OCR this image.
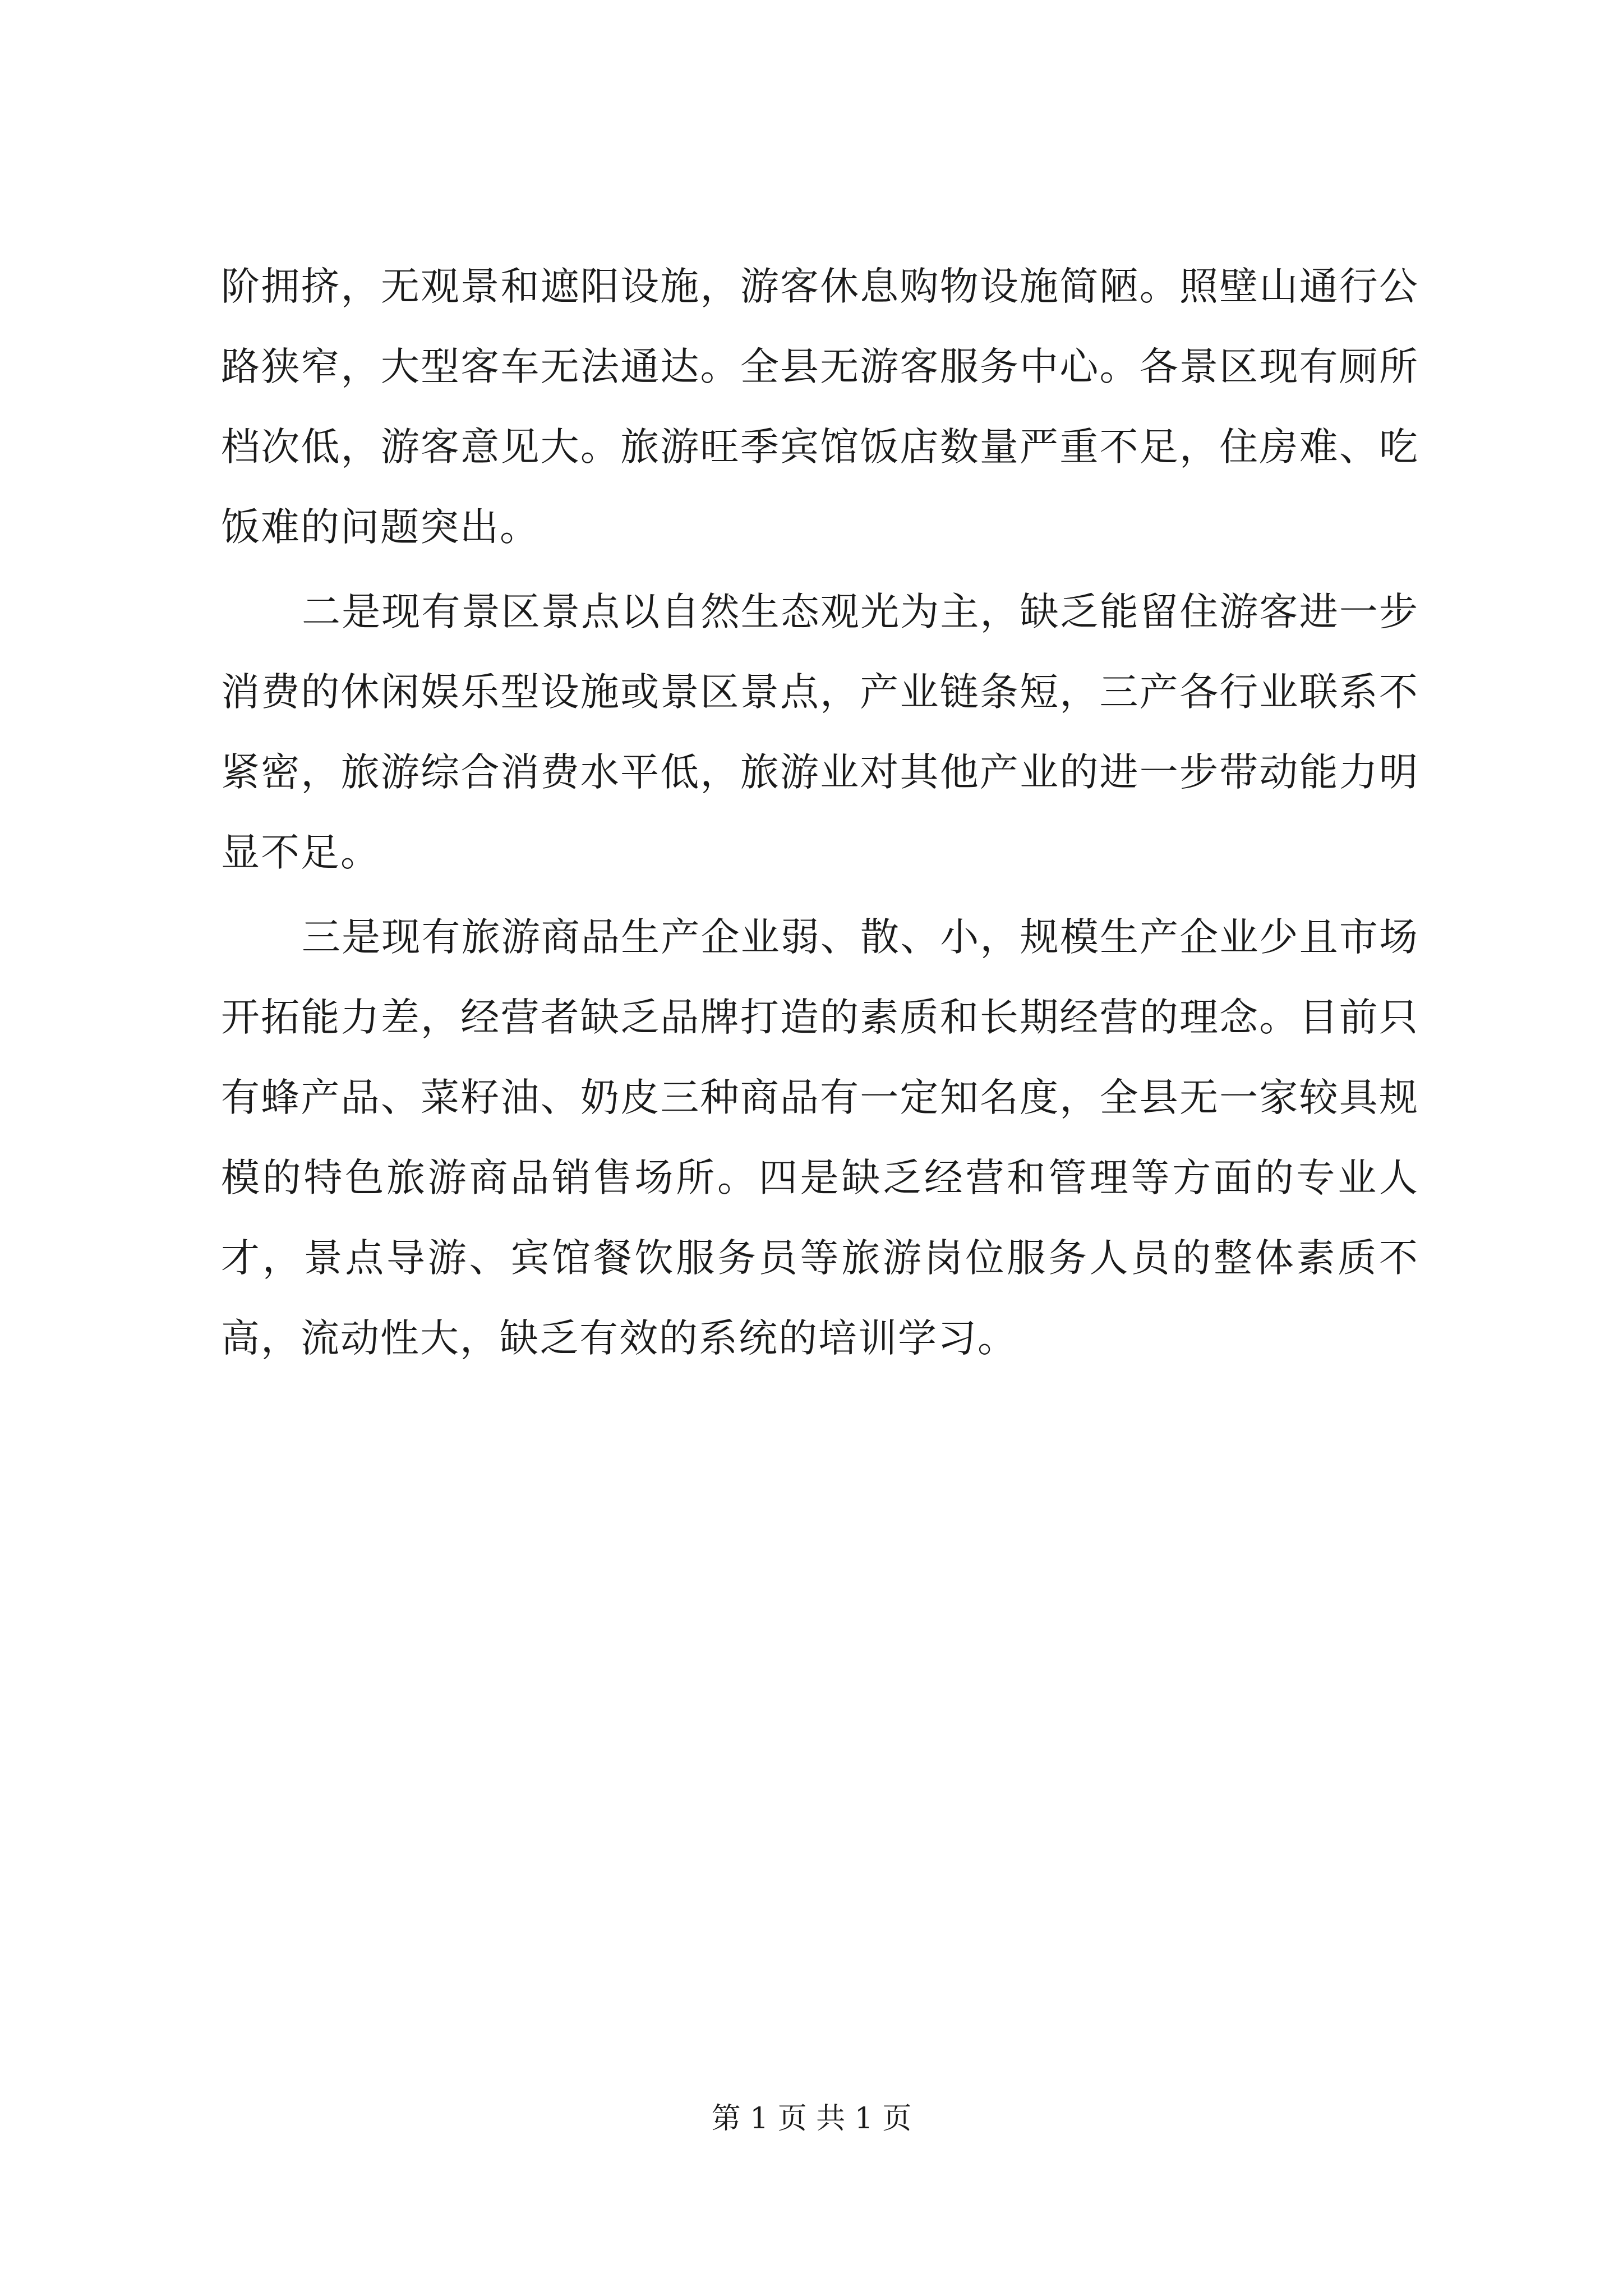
阶拥挤，无观景和遮阳设施，游客休息购物设施简陋。照壁山通行公路狭窄，大型客车无法通达。全县无游客服务中心。各景区现有厕所档次低，游客意见大。旅游旺季宾馆饭店数量严重不足，住房难、吃饭难的问题突出。

二是现有景区景点以自然生态观光为主，缺乏能留住游客进一步消费的休闲娱乐型设施或景区景点，产业链条短，三产各行业联系不紧密，旅游综合消费水平低，旅游业对其他产业的进一步带动能力明显不足。

三是现有旅游商品生产企业弱、散、小，规模生产企业少且市场开拓能力差，经营者缺乏品牌打造的素质和长期经营的理念。目前只有蜂产品、菜籽油、奶皮三种商品有一定知名度，全县无一家较具规模的特色旅游商品销售场所。四是缺乏经营和管理等方面的专业人才，景点导游、宾馆餐饮服务员等旅游岗位服务人员的整体素质不高，流动性大，缺乏有效的系统的培训学习。

第 1 页 共 1 页
